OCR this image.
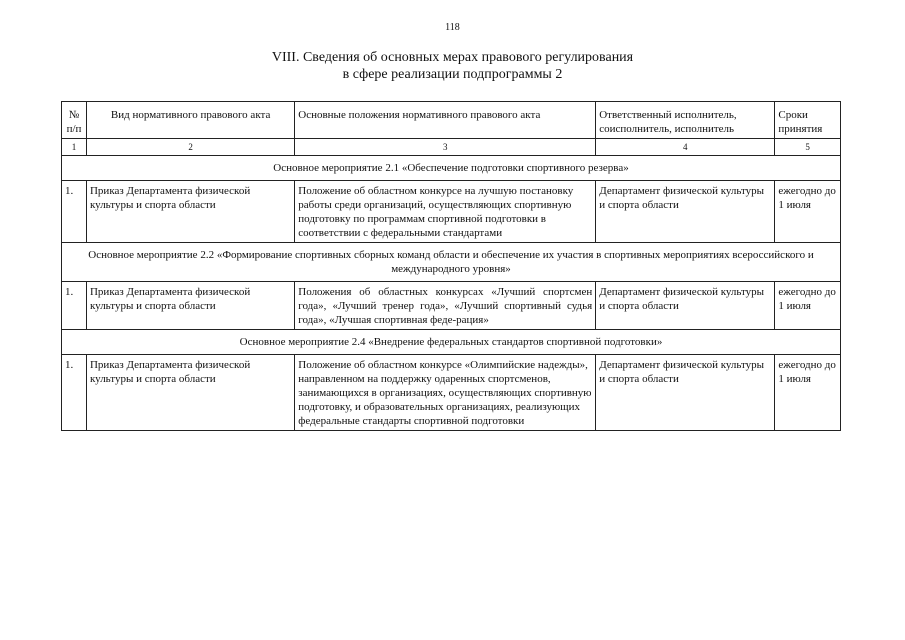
118
VIII. Сведения об основных мерах правового регулирования
в сфере реализации подпрограммы 2
№ п/п	Вид нормативного правового акта	Основные положения нормативного правового акта	Ответственный исполнитель, соисполнитель, исполнитель	Сроки принятия
1	2	3	4	5
Основное мероприятие 2.1 «Обеспечение подготовки спортивного резерва»				
1.	Приказ Департамента физической культуры и спорта области	Положение об областном конкурсе на лучшую постановку работы среди организаций, осуществляющих спортивную подготовку по программам спортивной подготовки в соответствии с федеральными стандартами	Департамент физической культуры и спорта области	ежегодно до 1 июля
Основное мероприятие 2.2 «Формирование спортивных сборных команд области и обеспечение их участия в спортивных мероприятиях всероссийского и международного уровня»				
1.	Приказ Департамента физической культуры и спорта области	Положения об областных конкурсах «Лучший спортсмен года», «Лучший тренер года», «Лучший спортивный судья года», «Лучшая спортивная феде-рация»	Департамент физической культуры и спорта области	ежегодно до 1 июля
Основное мероприятие 2.4 «Внедрение федеральных стандартов спортивной подготовки»				
1.	Приказ Департамента физической культуры и спорта области	Положение об областном конкурсе «Олимпийские надежды», направленном на поддержку одаренных спортсменов, занимающихся в организациях, осуществляющих спортивную подготовку, и образовательных организациях, реализующих федеральные стандарты спортивной подготовки	Департамент физической культуры и спорта области	ежегодно до 1 июля
